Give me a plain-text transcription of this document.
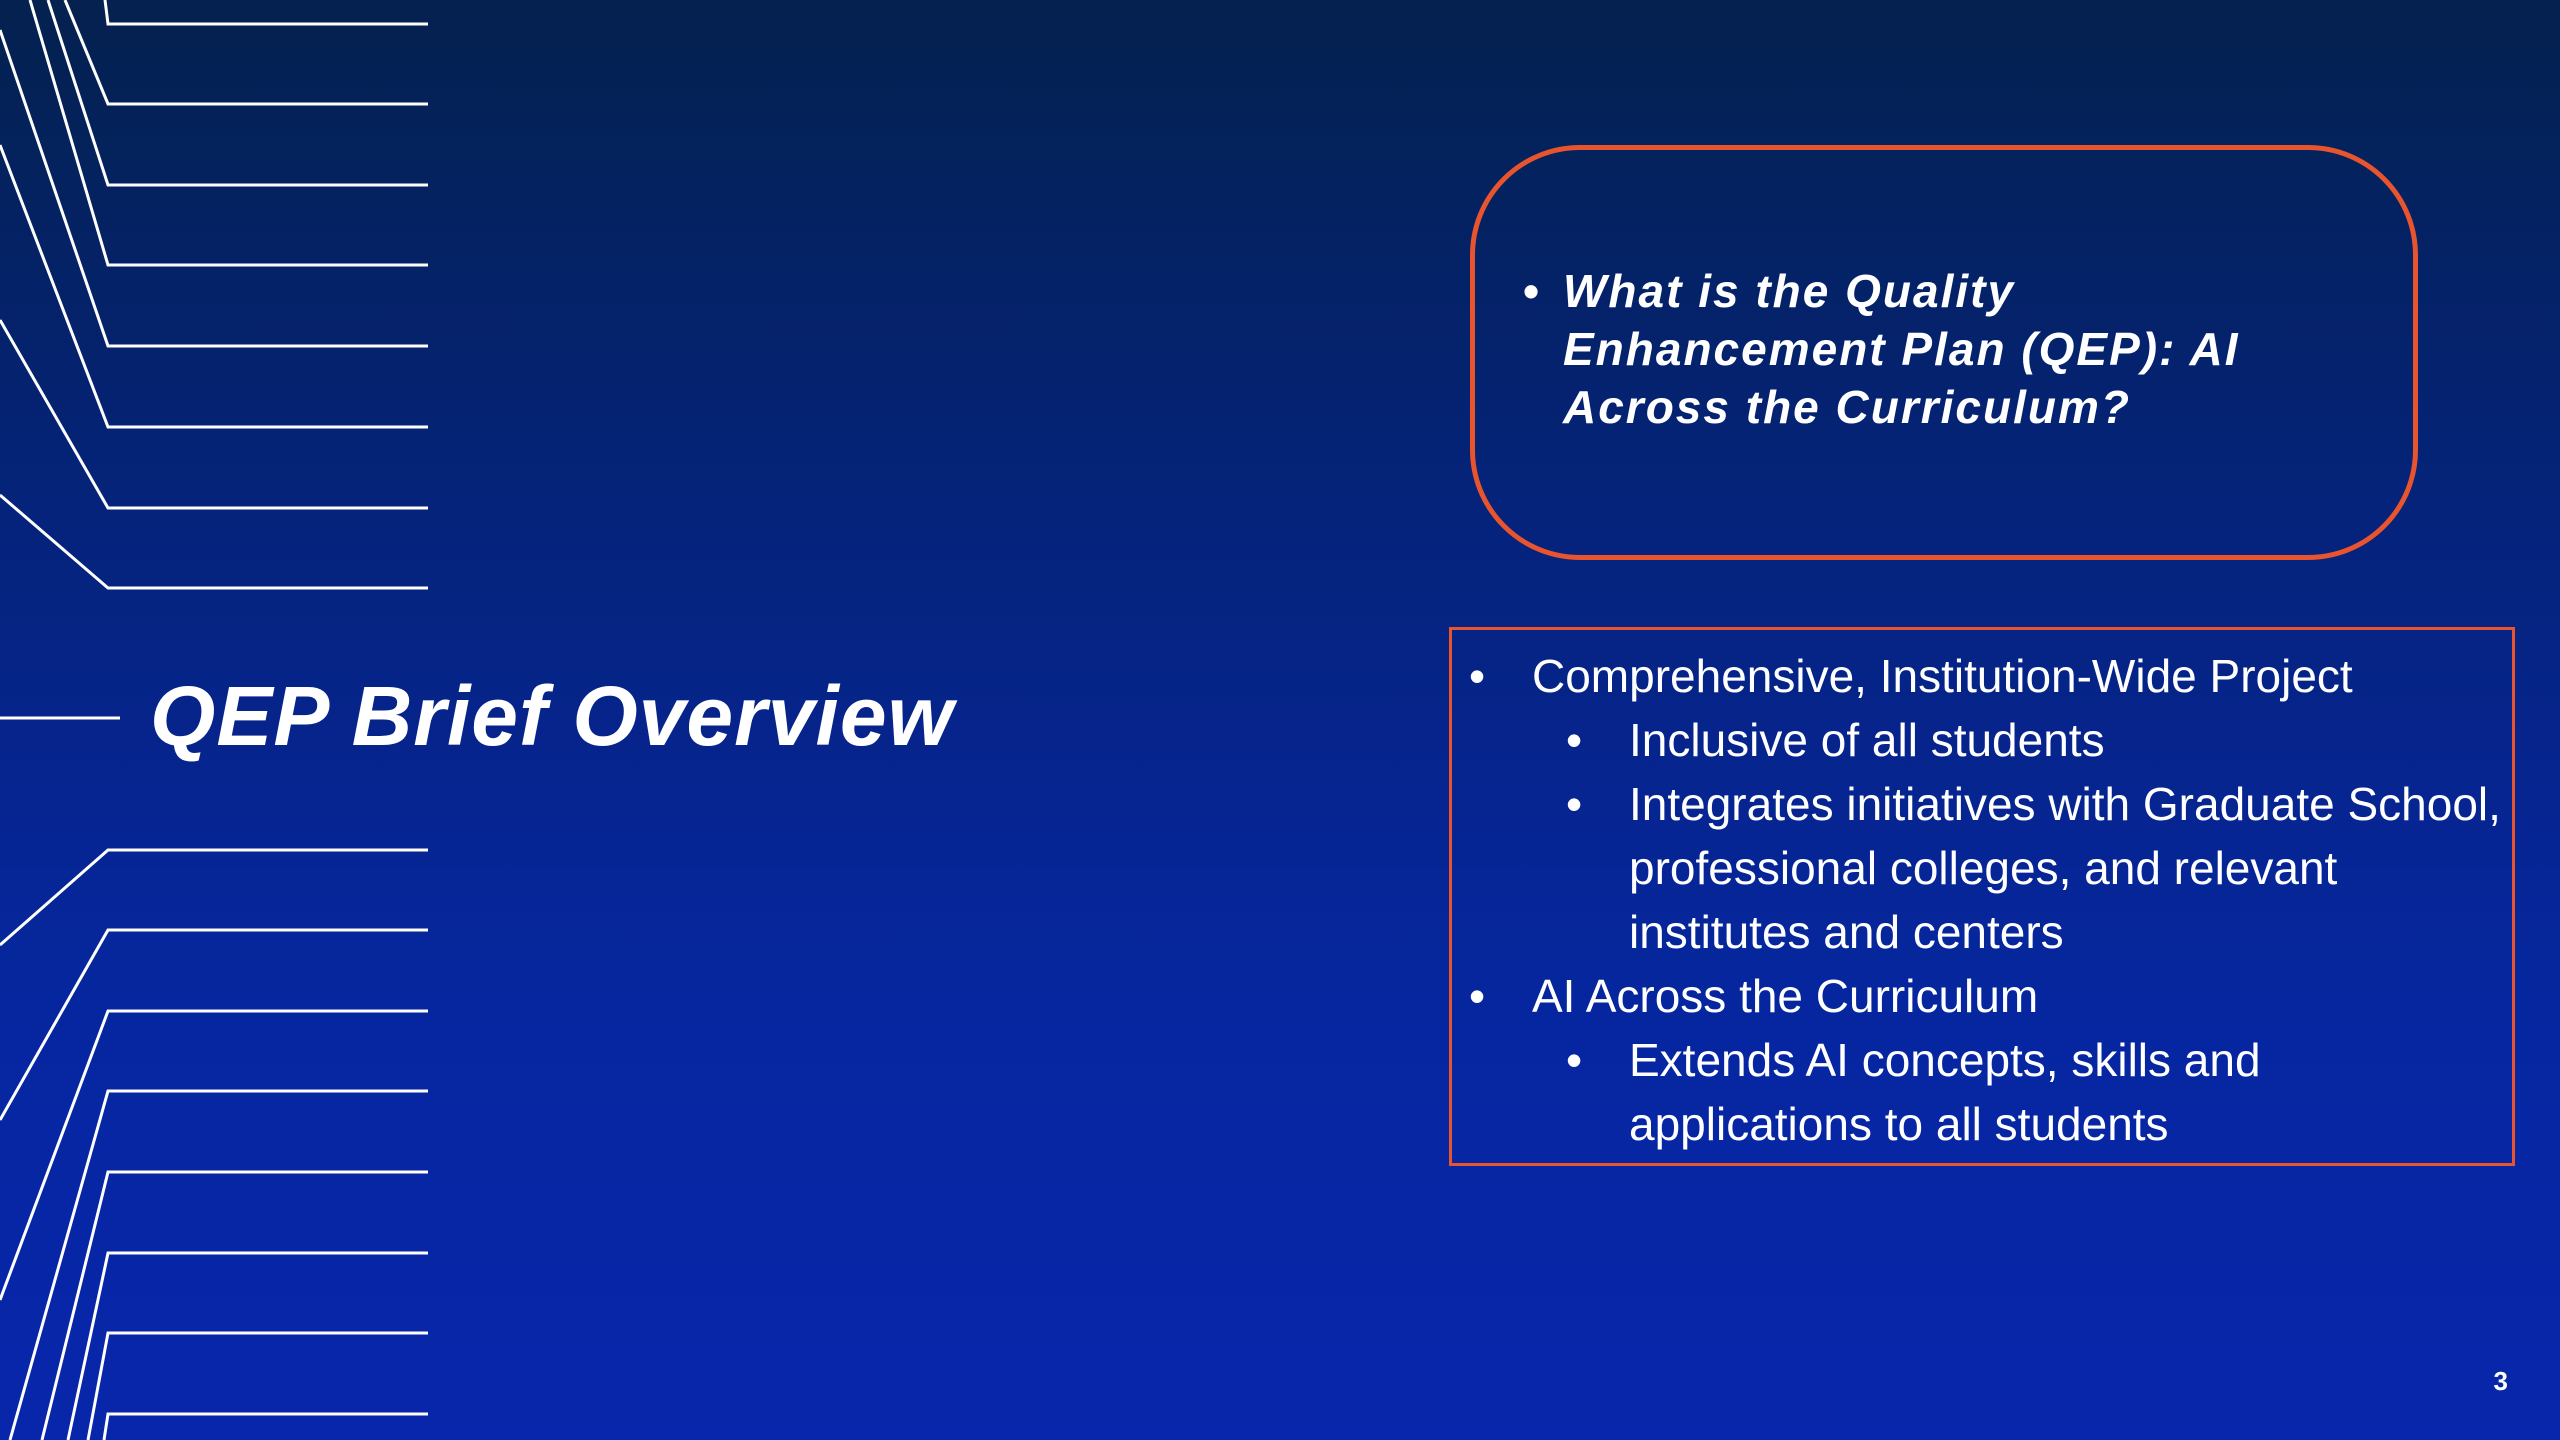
QEP Brief Overview
• What is the Quality Enhancement Plan (QEP): AI Across the Curriculum?
• Comprehensive, Institution-Wide Project
• Inclusive of all students
• Integrates initiatives with Graduate School, professional colleges, and relevant institutes and centers
• AI Across the Curriculum
• Extends AI concepts, skills and applications to all students
3
